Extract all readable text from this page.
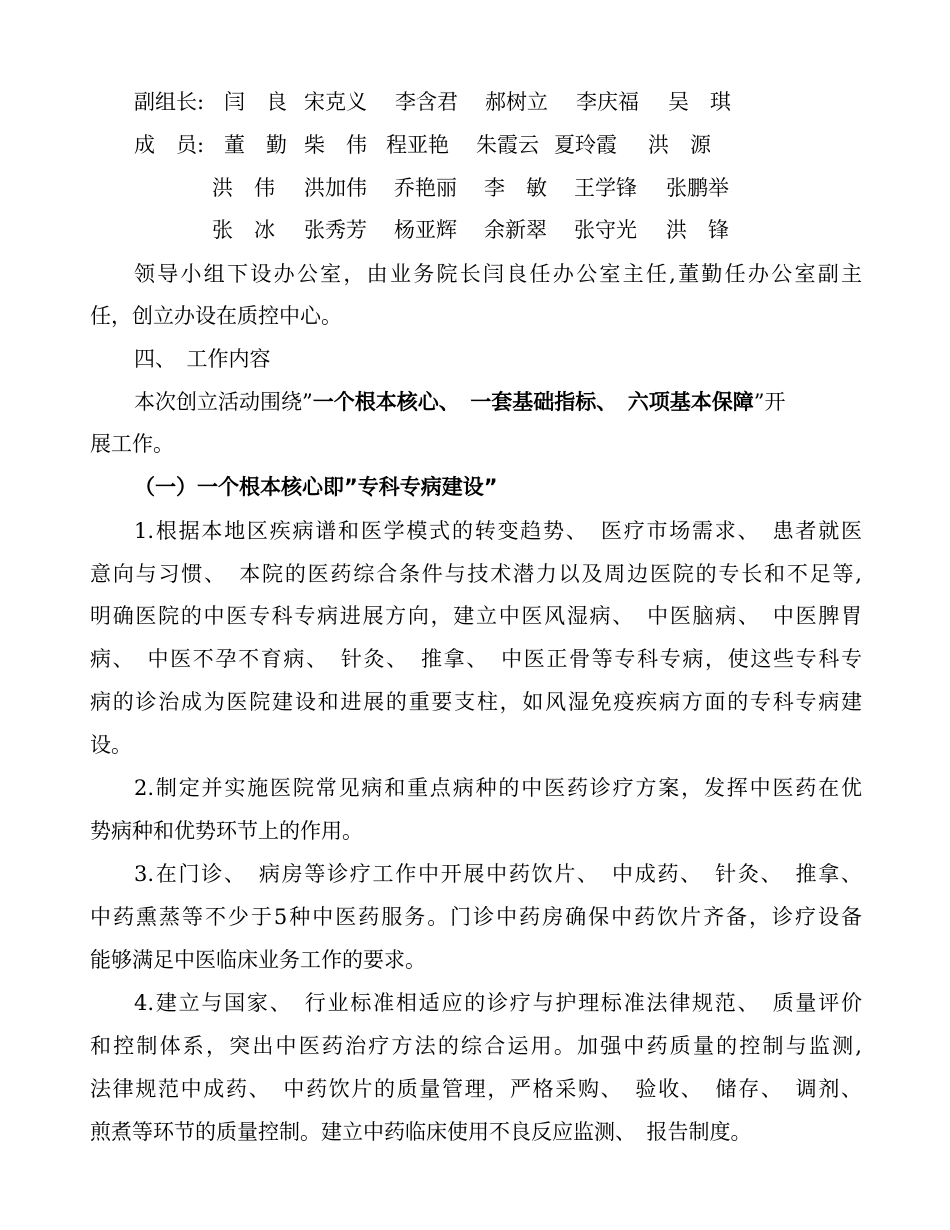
副组长: 闫　良 宋克义	李含君	郝树立	李庆福	吴　琪
成　员: 董　勤 柴　伟 程亚艳	朱霞云 夏玲霞	洪　源
洪　伟	洪加伟	乔艳丽	李　敏	王学锋	张鹏举
张　冰	张秀芳	杨亚辉	余新翠	张守光	洪　锋
领导小组下设办公室，由业务院长闫良任办公室主任,董勤任办公室副主
任，创立办设在质控中心。
四、　工作内容
本次创立活动围绕”一个根本核心、　一套基础指标、　六项基本保障”开
展工作。
（一）一个根本核心即”专科专病建设”
1.根据本地区疾病谱和医学模式的转变趋势、　医疗市场需求、　患者就医
意向与习惯、　本院的医药综合条件与技术潜力以及周边医院的专长和不足等,
明确医院的中医专科专病进展方向，建立中医风湿病、　中医脑病、　中医脾胃
病、　中医不孕不育病、　针灸、　推拿、　中医正骨等专科专病，使这些专科专
病的诊治成为医院建设和进展的重要支柱，如风湿免疫疾病方面的专科专病建
设。
2.制定并实施医院常见病和重点病种的中医药诊疗方案，发挥中医药在优
势病种和优势环节上的作用。
3.在门诊、　病房等诊疗工作中开展中药饮片、　中成药、　针灸、　推拿、
中药熏蒸等不少于5种中医药服务。门诊中药房确保中药饮片齐备，诊疗设备
能够满足中医临床业务工作的要求。
4.建立与国家、　行业标准相适应的诊疗与护理标准法律规范、　质量评价
和控制体系，突出中医药治疗方法的综合运用。加强中药质量的控制与监测,
法律规范中成药、　中药饮片的质量管理，严格采购、　验收、　储存、　调剂、
煎煮等环节的质量控制。建立中药临床使用不良反应监测、　报告制度。
